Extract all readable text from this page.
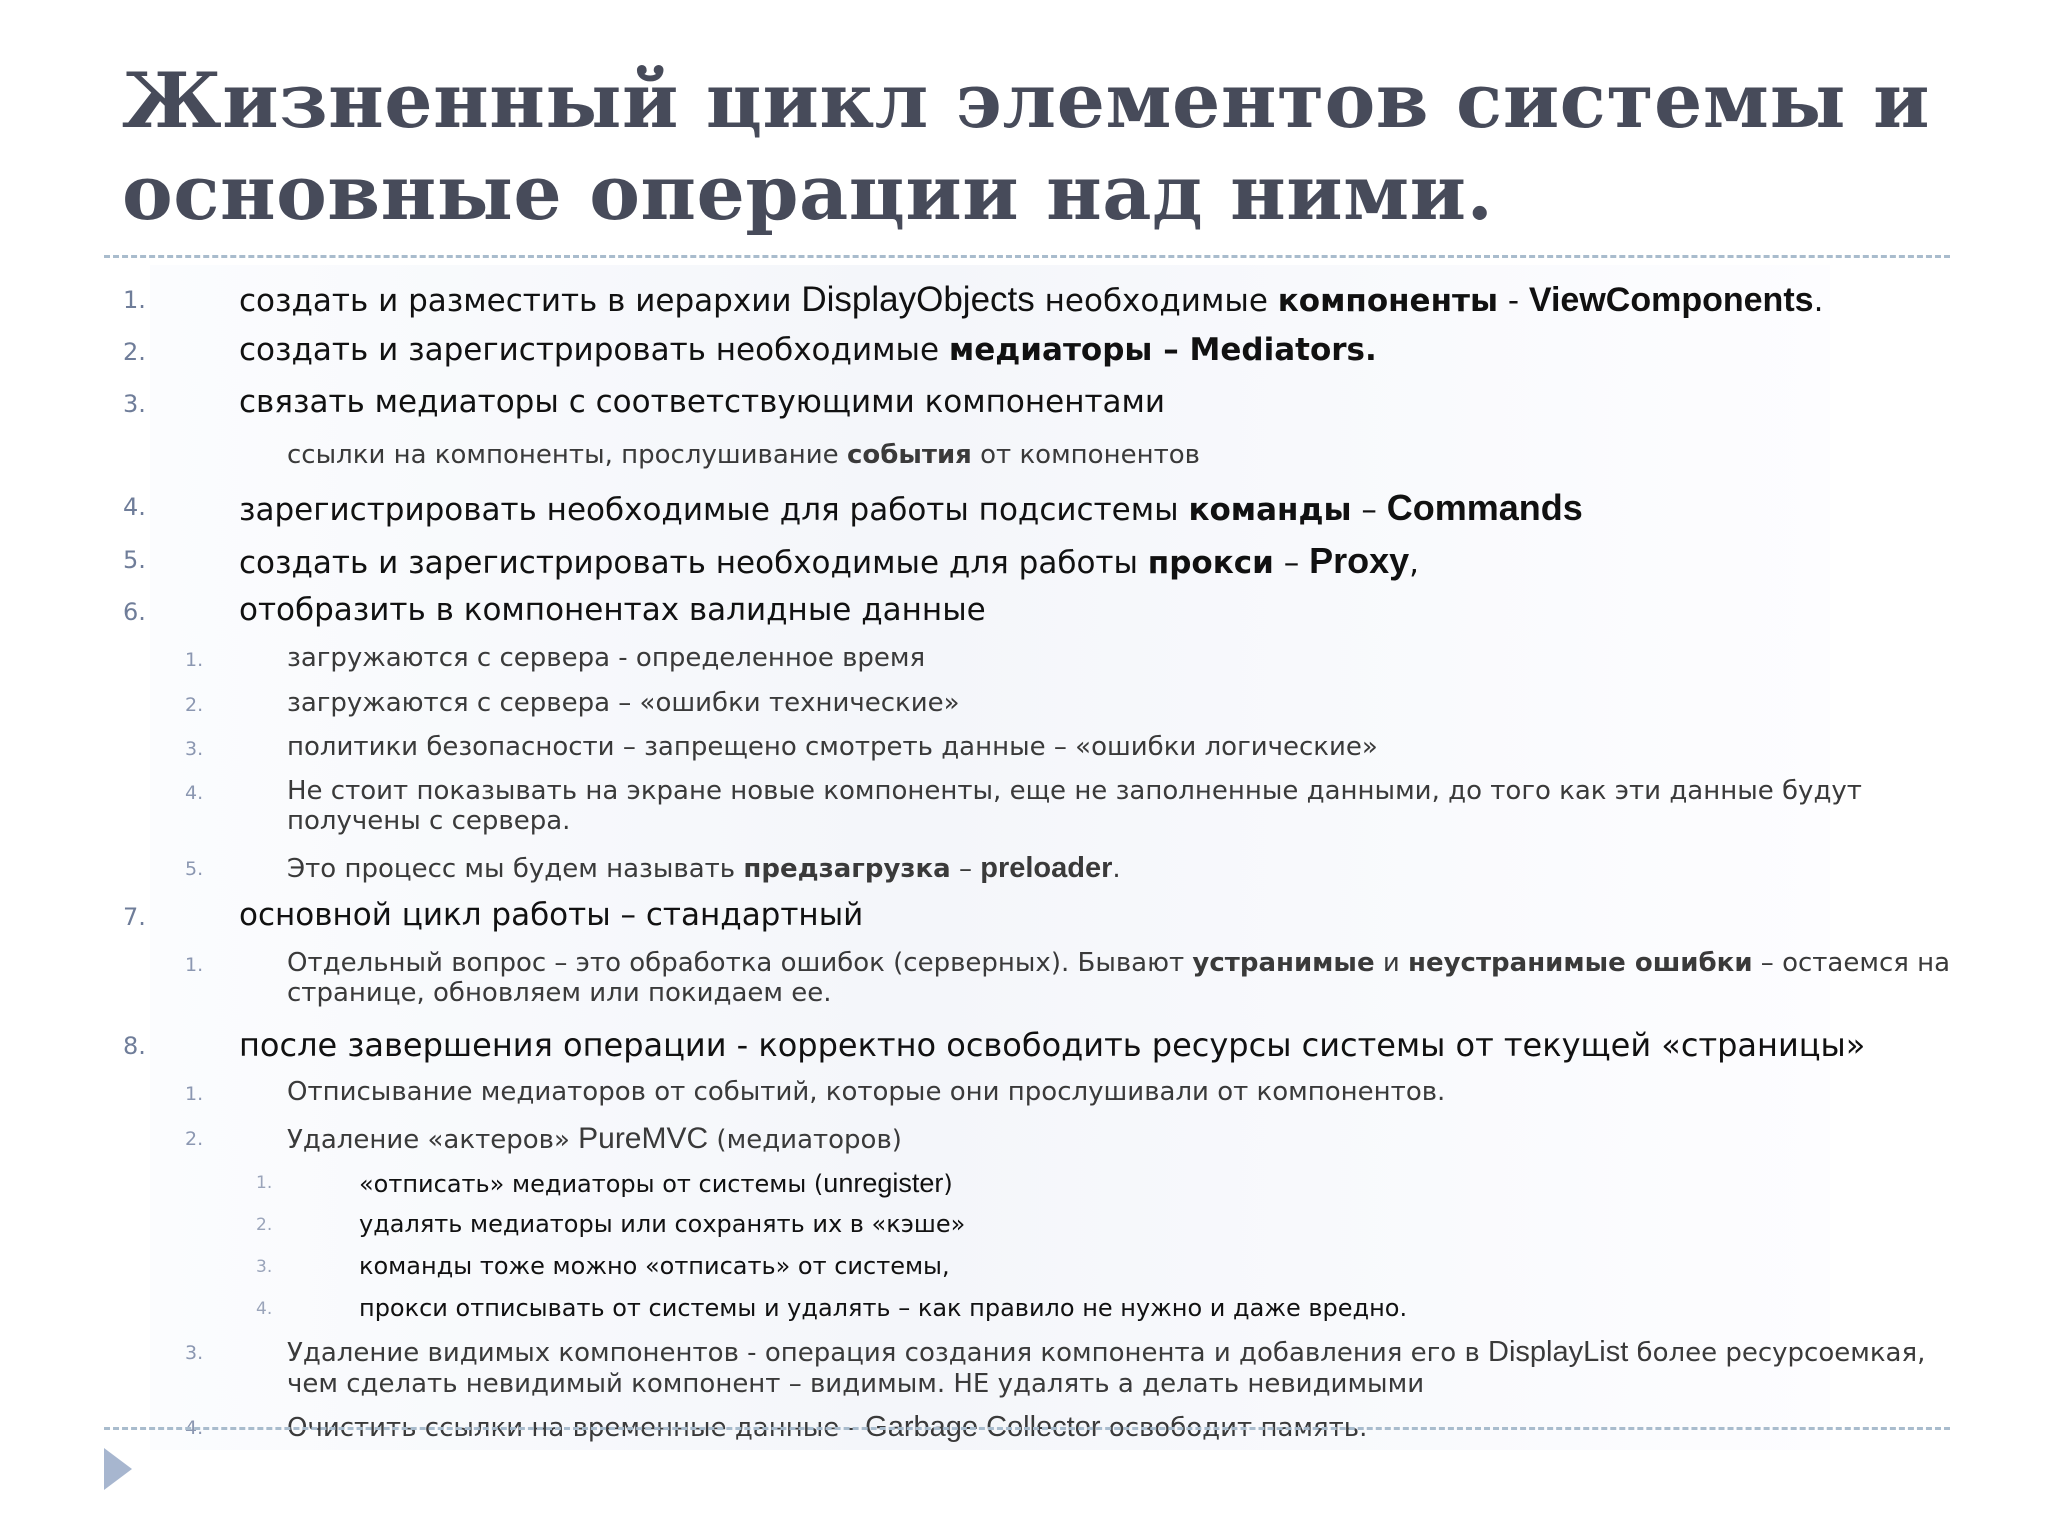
Жизненный цикл элементов системы и
основные операции над ними.
1.	создать и разместить в иерархии DisplayObjects необходимые компоненты - ViewComponents.
2.	создать и зарегистрировать необходимые медиаторы – Mediators.
3.	связать медиаторы с соответствующими компонентами
ссылки на компоненты, прослушивание события от компонентов
4.	зарегистрировать необходимые для работы подсистемы команды – Commands
5.	создать и зарегистрировать необходимые для работы прокси – Proxy,
6.	отобразить в компонентах валидные данные
1.	загружаются с сервера - определенное время
2.	загружаются с сервера – «ошибки технические»
3.	политики безопасности – запрещено смотреть данные – «ошибки логические»
4.	Не стоит показывать на экране новые компоненты, еще не заполненные данными, до того как эти данные будут
получены с сервера.
5.	Это процесс мы будем называть предзагрузка – preloader.
7.	основной цикл работы – стандартный
1.	Отдельный вопрос – это обработка ошибок (серверных). Бывают устранимые и неустранимые ошибки – остаемся на
странице, обновляем или покидаем ее.
8.	после завершения операции - корректно освободить ресурсы системы от текущей «страницы»
1.	Отписывание медиаторов от событий, которые они прослушивали от компонентов.
2.	Удаление «актеров» PureMVC (медиаторов)
1.	«отписать» медиаторы от системы (unregister)
2.	удалять медиаторы или сохранять их в «кэше»
3.	команды тоже можно «отписать» от системы,
4.	прокси отписывать от системы и удалять – как правило не нужно и даже вредно.
3.	Удаление видимых компонентов - операция создания компонента и добавления его в DisplayList более ресурсоемкая,
чем сделать невидимый компонент – видимым. НЕ удалять а делать невидимыми
4.	Очистить ссылки на временные данные - Garbage Collector освободит память.
